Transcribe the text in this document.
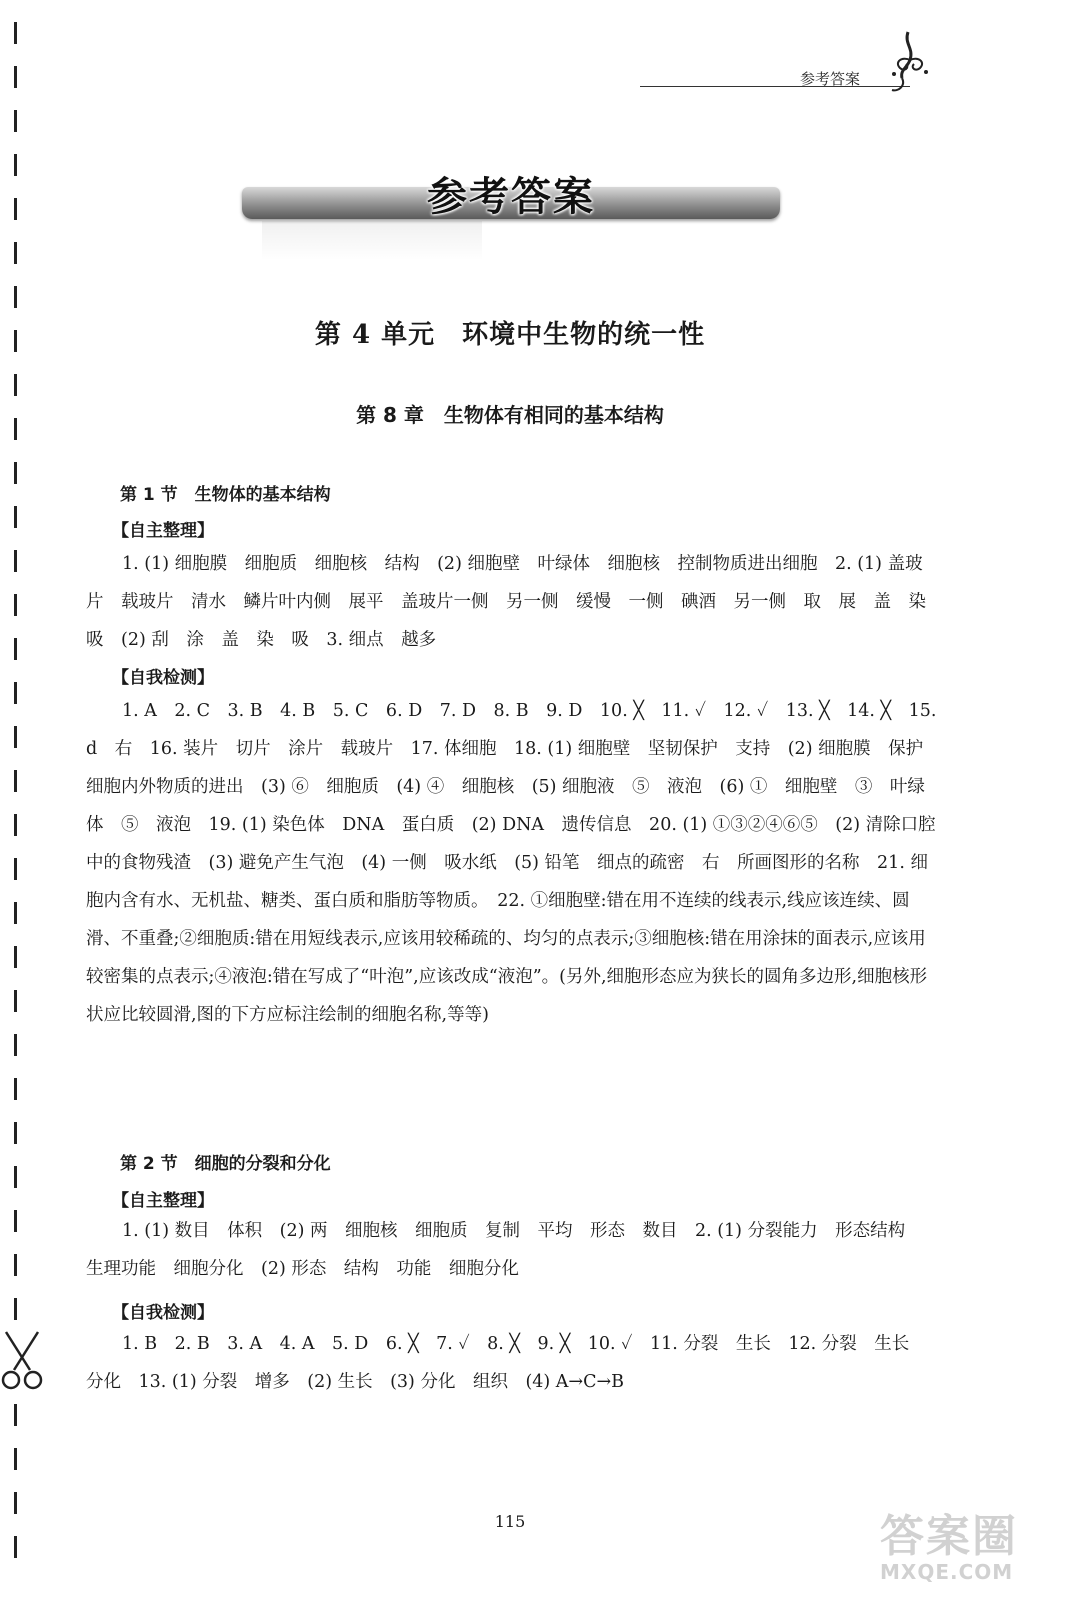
参考答案
参考答案
第 4 单元　环境中生物的统一性
第 8 章　生物体有相同的基本结构
第 1 节　生物体的基本结构
【自主整理】

1. (1) 细胞膜　细胞质　细胞核　结构　(2) 细胞壁　叶绿体　细胞核　控制物质进出细胞　2. (1) 盖玻片　载玻片　清水　鳞片叶内侧　展平　盖玻片一侧　另一侧　缓慢　一侧　碘酒　另一侧　取　展　盖　染　吸　(2) 刮　涂　盖　染　吸　3. 细点　越多

【自我检测】

1. A　2. C　3. B　4. B　5. C　6. D　7. D　8. B　9. D　10. ╳　11. ✓　12. ✓　13. ╳　14. ╳　15. d　右　16. 装片　切片　涂片　载玻片　17. 体细胞　18. (1) 细胞壁　坚韧保护　支持　(2) 细胞膜　保护　细胞内外物质的进出　(3) ⑥　细胞质　(4) ④　细胞核　(5) 细胞液　⑤　液泡　(6) ①　细胞壁　③　叶绿体　⑤　液泡　19. (1) 染色体　DNA　蛋白质　(2) DNA　遗传信息　20. (1) ①③②④⑥⑤　(2) 清除口腔中的食物残渣　(3) 避免产生气泡　(4) 一侧　吸水纸　(5) 铅笔　细点的疏密　右　所画图形的名称　21. 细胞内含有水、无机盐、糖类、蛋白质和脂肪等物质。　22. ①细胞壁:错在用不连续的线表示,线应该连续、圆滑、不重叠;②细胞质:错在用短线表示,应该用较稀疏的、均匀的点表示;③细胞核:错在用涂抹的面表示,应该用较密集的点表示;④液泡:错在写成了“叶泡”,应该改成“液泡”。(另外,细胞形态应为狭长的圆角多边形,细胞核形状应比较圆滑,图的下方应标注绘制的细胞名称,等等)

第 2 节　细胞的分裂和分化
【自主整理】

1. (1) 数目　体积　(2) 两　细胞核　细胞质　复制　平均　形态　数目　2. (1) 分裂能力　形态结构　生理功能　细胞分化　(2) 形态　结构　功能　细胞分化

【自我检测】

1. B　2. B　3. A　4. A　5. D　6. ╳　7. ✓　8. ╳　9. ╳　10. ✓　11. 分裂　生长　12. 分裂　生长　分化　13. (1) 分裂　增多　(2) 生长　(3) 分化　组织　(4) A→C→B

115	答案圈
MXQE.COM
